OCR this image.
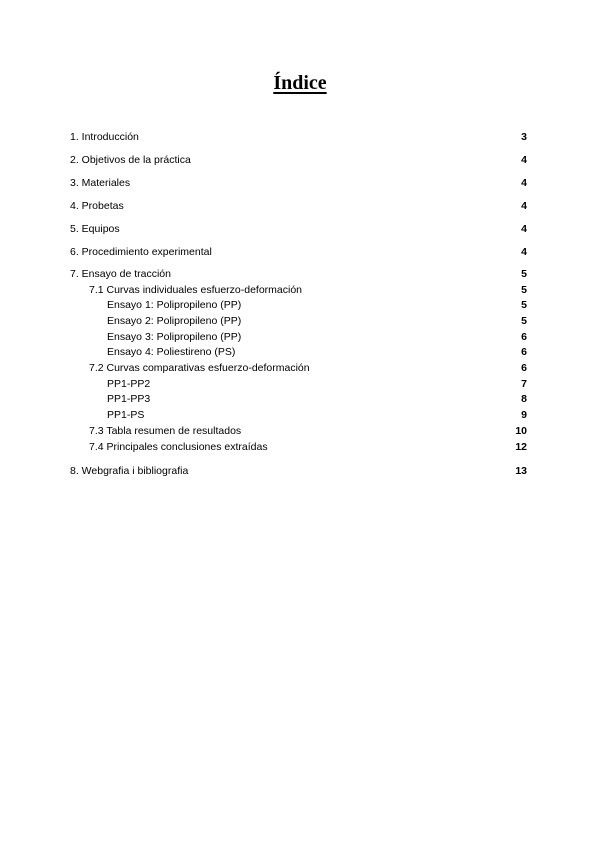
Índice
1. Introducción	3
2. Objetivos de la práctica	4
3. Materiales	4
4. Probetas	4
5. Equipos	4
6. Procedimiento experimental	4
7. Ensayo de tracción	5
7.1 Curvas individuales esfuerzo-deformación	5
Ensayo 1: Polipropileno (PP)	5
Ensayo 2: Polipropileno (PP)	5
Ensayo 3: Polipropileno (PP)	6
Ensayo 4: Poliestireno (PS)	6
7.2 Curvas comparativas esfuerzo-deformación	6
PP1-PP2	7
PP1-PP3	8
PP1-PS	9
7.3 Tabla resumen de resultados	10
7.4 Principales conclusiones extraídas	12
8. Webgrafia i bibliografia	13
